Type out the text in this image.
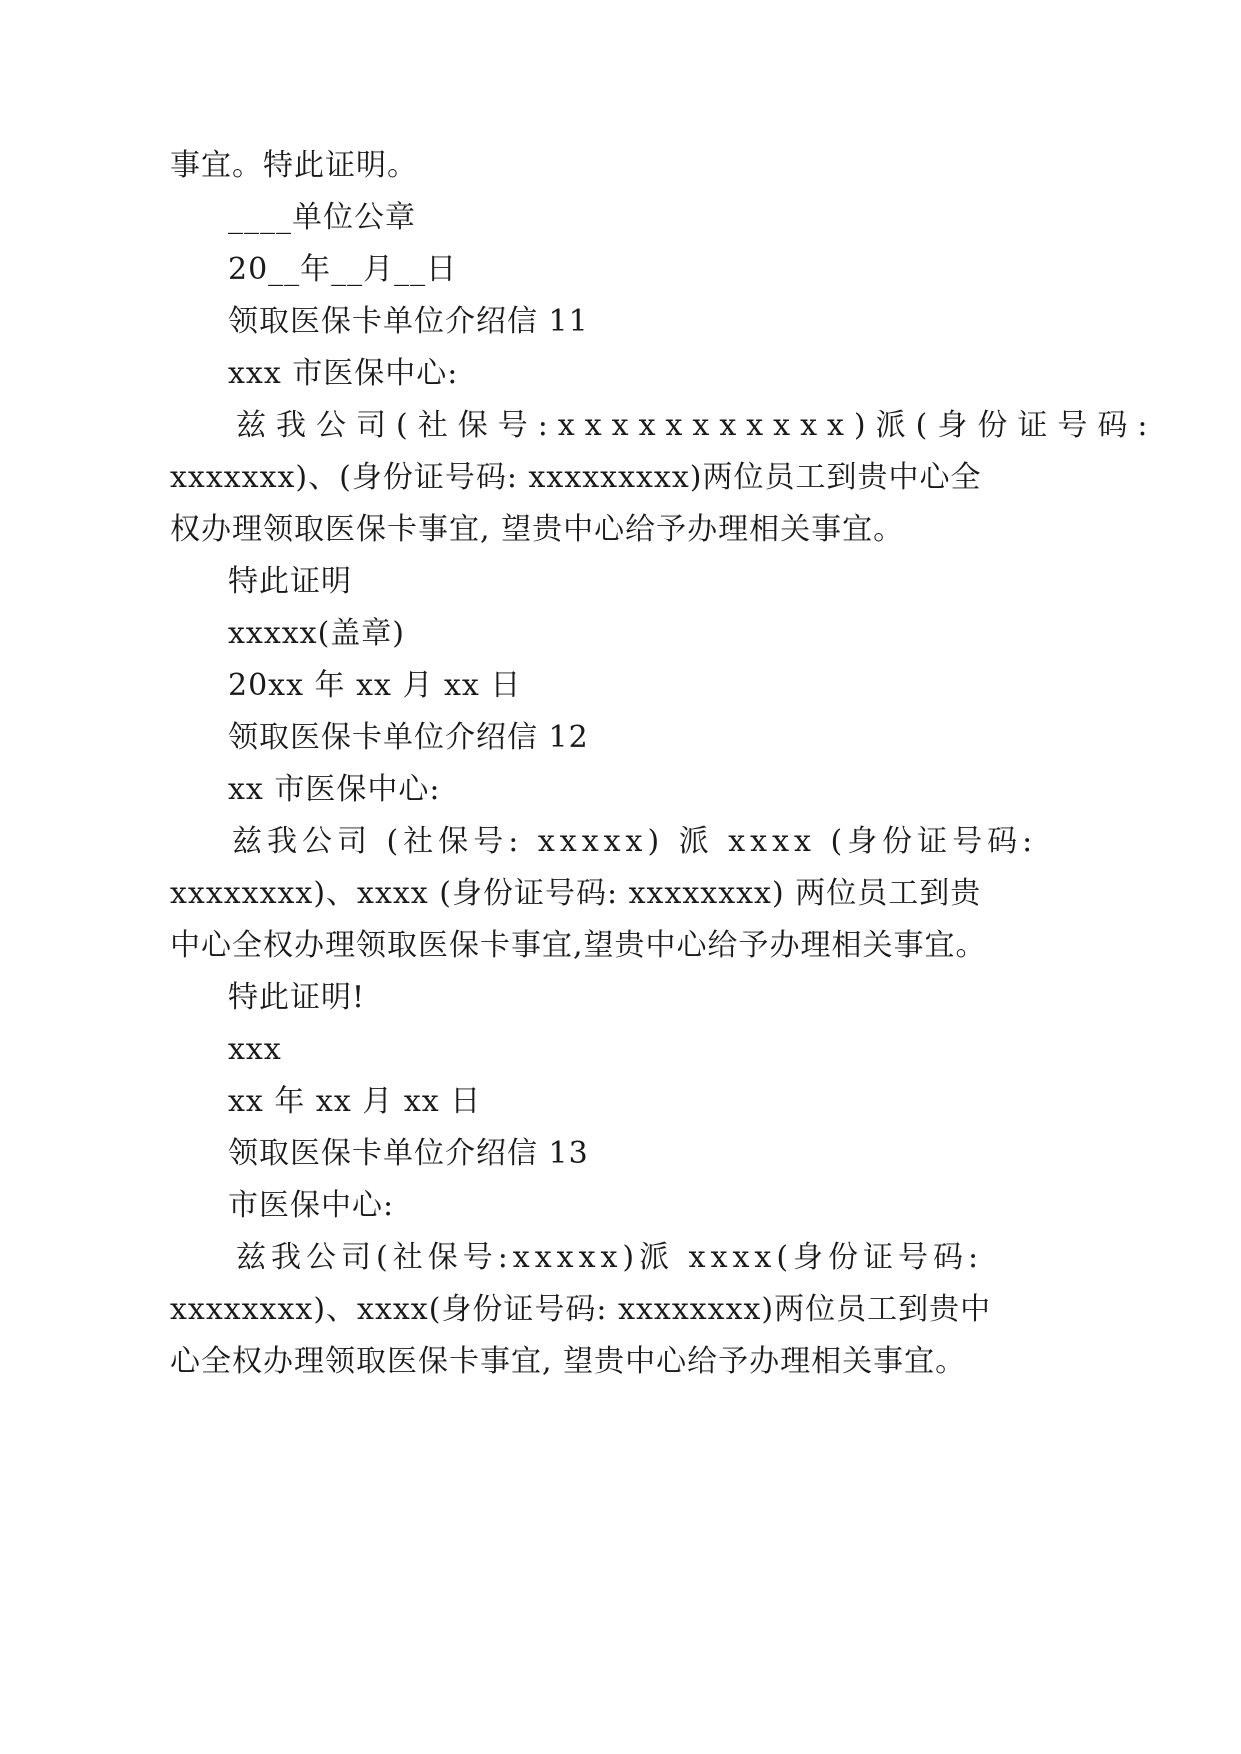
事宜。特此证明。
____单位公章
20__年__月__日
领取医保卡单位介绍信 11
xxx 市医保中心:
兹我公司(社保号:xxxxxxxxxxx)派(身份证号码:
xxxxxxx)、(身份证号码: xxxxxxxxx)两位员工到贵中心全
权办理领取医保卡事宜, 望贵中心给予办理相关事宜。
特此证明
xxxxx(盖章)
20xx 年 xx 月 xx 日
领取医保卡单位介绍信 12
xx 市医保中心:
兹我公司 (社保号: xxxxx) 派 xxxx (身份证号码:
xxxxxxxx)、xxxx (身份证号码: xxxxxxxx) 两位员工到贵
中心全权办理领取医保卡事宜,望贵中心给予办理相关事宜。
特此证明!
xxx
xx 年 xx 月 xx 日
领取医保卡单位介绍信 13
市医保中心:
兹我公司(社保号:xxxxx)派 xxxx(身份证号码:
xxxxxxxx)、xxxx(身份证号码: xxxxxxxx)两位员工到贵中
心全权办理领取医保卡事宜, 望贵中心给予办理相关事宜。
